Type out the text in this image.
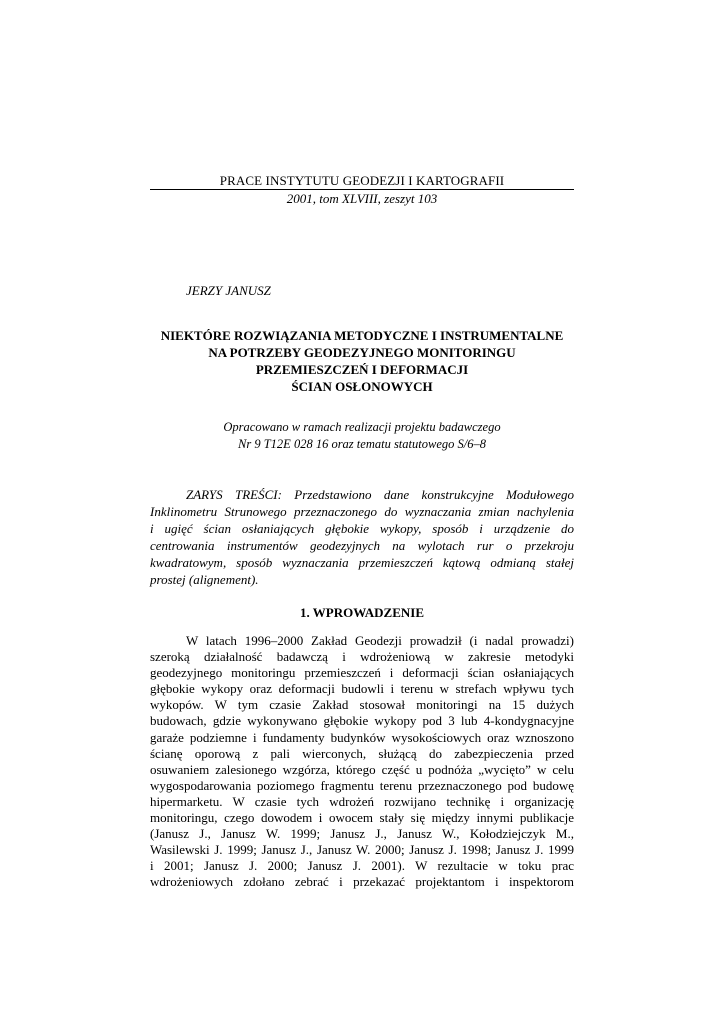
PRACE INSTYTUTU GEODEZJI I KARTOGRAFII
2001, tom XLVIII, zeszyt 103
JERZY JANUSZ
NIEKTÓRE ROZWIĄZANIA METODYCZNE I INSTRUMENTALNE
NA POTRZEBY GEODEZYJNEGO MONITORINGU
PRZEMIESZCZEŃ I DEFORMACJI
ŚCIAN OSŁONOWYCH
Opracowano w ramach realizacji projektu badawczego
Nr 9 T12E 028 16 oraz tematu statutowego S/6–8
ZARYS TREŚCI: Przedstawiono dane konstrukcyjne Modułowego
Inklinometru Strunowego przeznaczonego do wyznaczania zmian nachylenia
i ugięć ścian osłaniających głębokie wykopy, sposób i urządzenie do
centrowania instrumentów geodezyjnych na wylotach rur o przekroju
kwadratowym, sposób wyznaczania przemieszczeń kątową odmianą stałej
prostej (alignement).
1. WPROWADZENIE
W latach 1996–2000 Zakład Geodezji prowadził (i nadal prowadzi)
szeroką działalność badawczą i wdrożeniową w zakresie metodyki
geodezyjnego monitoringu przemieszczeń i deformacji ścian osłaniających
głębokie wykopy oraz deformacji budowli i terenu w strefach wpływu tych
wykopów. W tym czasie Zakład stosował monitoringi na 15 dużych
budowach, gdzie wykonywano głębokie wykopy pod 3 lub 4-kondygnacyjne
garaże podziemne i fundamenty budynków wysokościowych oraz wznoszono
ścianę oporową z pali wierconych, służącą do zabezpieczenia przed
osuwaniem zalesionego wzgórza, którego część u podnóża „wycięto” w celu
wygospodarowania poziomego fragmentu terenu przeznaczonego pod budowę
hipermarketu. W czasie tych wdrożeń rozwijano technikę i organizację
monitoringu, czego dowodem i owocem stały się między innymi publikacje
(Janusz J., Janusz W. 1999; Janusz J., Janusz W., Kołodziejczyk M.,
Wasilewski J. 1999; Janusz J., Janusz W. 2000; Janusz J. 1998; Janusz J. 1999
i 2001; Janusz J. 2000; Janusz J. 2001). W rezultacie w toku prac
wdrożeniowych zdołano zebrać i przekazać projektantom i inspektorom
